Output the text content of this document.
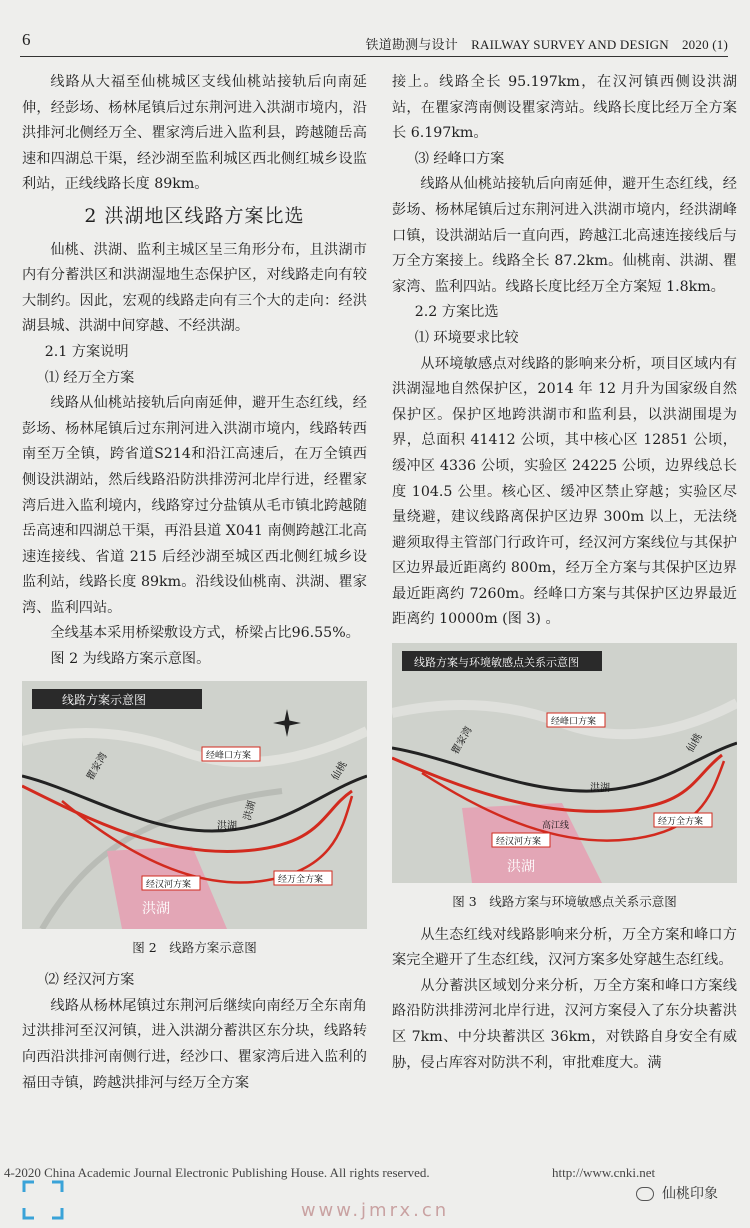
6	铁道勘测与设计　RAILWAY SURVEY AND DESIGN　2020 (1)

线路从大福至仙桃城区支线仙桃站接轨后向南延伸，经彭场、杨林尾镇后过东荆河进入洪湖市境内，沿洪排河北侧经万全、瞿家湾后进入监利县，跨越随岳高速和四湖总干渠，经沙湖至监利城区西北侧红城乡设监利站，正线线路长度 89km。

2 洪湖地区线路方案比选

仙桃、洪湖、监利主城区呈三角形分布，且洪湖市内有分蓄洪区和洪湖湿地生态保护区，对线路走向有较大制约。因此，宏观的线路走向有三个大的走向：经洪湖县城、洪湖中间穿越、不经洪湖。

2.1 方案说明

⑴ 经万全方案

线路从仙桃站接轨后向南延伸，避开生态红线，经彭场、杨林尾镇后过东荆河进入洪湖市境内，线路转西南至万全镇，跨省道S214和沿江高速后，在万全镇西侧设洪湖站，然后线路沿防洪排涝河北岸行进，经瞿家湾后进入监利境内，线路穿过分盐镇从毛市镇北跨越随岳高速和四湖总干渠，再沿县道 X041 南侧跨越江北高速连接线、省道 215 后经沙湖至城区西北侧红城乡设监利站，线路长度 89km。沿线设仙桃南、洪湖、瞿家湾、监利四站。

全线基本采用桥梁敷设方式，桥梁占比96.55%。

图 2 为线路方案示意图。

线路方案示意图
瞿家湾
洪湖
仙桃
洪湖
经峰口方案
经汉河方案	经万全方案
洪湖
图 2　线路方案示意图

⑵ 经汉河方案

线路从杨林尾镇过东荆河后继续向南经万全东南角过洪排河至汉河镇，进入洪湖分蓄洪区东分块，线路转向西沿洪排河南侧行进，经沙口、瞿家湾后进入监利的福田寺镇，跨越洪排河与经万全方案

接上。线路全长 95.197km，在汉河镇西侧设洪湖站，在瞿家湾南侧设瞿家湾站。线路长度比经万全方案长 6.197km。

⑶ 经峰口方案

线路从仙桃站接轨后向南延伸，避开生态红线，经彭场、杨林尾镇后过东荆河进入洪湖市境内，经洪湖峰口镇，设洪湖站后一直向西，跨越江北高速连接线后与万全方案接上。线路全长 87.2km。仙桃南、洪湖、瞿家湾、监利四站。线路长度比经万全方案短 1.8km。

2.2 方案比选

⑴ 环境要求比较

从环境敏感点对线路的影响来分析，项目区域内有洪湖湿地自然保护区，2014 年 12 月升为国家级自然保护区。保护区地跨洪湖市和监利县，以洪湖围堤为界，总面积 41412 公顷，其中核心区 12851 公顷，缓冲区 4336 公顷，实验区 24225 公顷，边界线总长度 104.5 公里。核心区、缓冲区禁止穿越；实验区尽量绕避，建议线路离保护区边界 300m 以上，无法绕避须取得主管部门行政许可，经汉河方案线位与其保护区边界最近距离约 800m，经万全方案与其保护区边界最近距离约 7260m。经峰口方案与其保护区边界最近距离约 10000m (图 3) 。

线路方案与环境敏感点关系示意图
瞿家湾	仙桃
洪湖
高江线
经峰口方案
经汉河方案
经万全方案
洪湖
图 3　线路方案与环境敏感点关系示意图

从生态红线对线路影响来分析，万全方案和峰口方案完全避开了生态红线，汉河方案多处穿越生态红线。

从分蓄洪区域划分来分析，万全方案和峰口方案线路沿防洪排涝河北岸行进，汉河方案侵入了东分块蓄洪区 7km、中分块蓄洪区 36km，对铁路自身安全有威胁，侵占库容对防洪不利，审批难度大。满

4-2020 China Academic Journal Electronic Publishing House. All rights reserved.	http://www.cnki.net
仙桃印象
www.jmrx.cn
